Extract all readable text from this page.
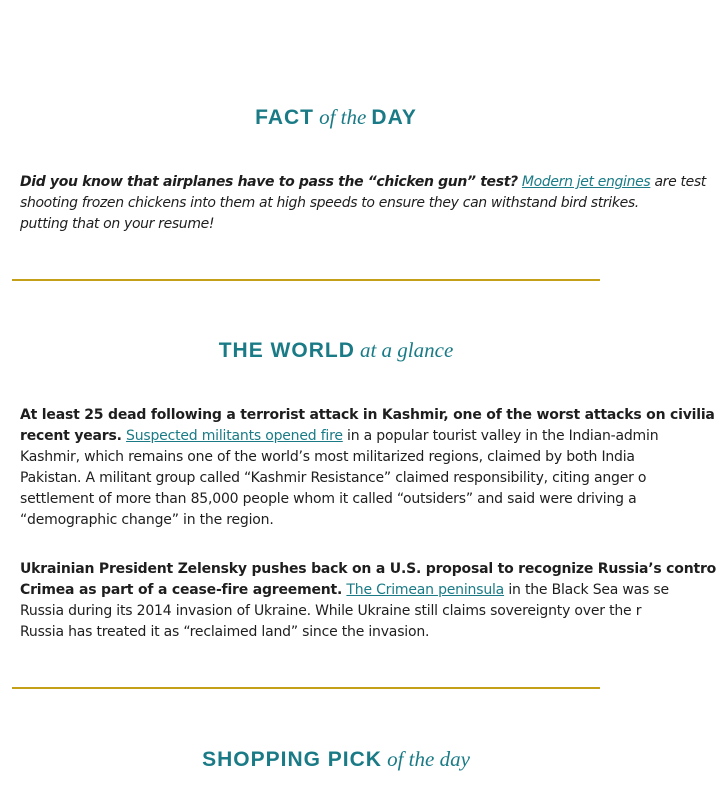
FACT of the DAY
Did you know that airplanes have to pass the “chicken gun” test? Modern jet engines are test
shooting frozen chickens into them at high speeds to ensure they can withstand bird strikes.
putting that on your resume!
THE WORLD at a glance
At least 25 dead following a terrorist attack in Kashmir, one of the worst attacks on civilia
recent years. Suspected militants opened fire in a popular tourist valley in the Indian-admin
Kashmir, which remains one of the world’s most militarized regions, claimed by both India
Pakistan. A militant group called “Kashmir Resistance” claimed responsibility, citing anger o
settlement of more than 85,000 people whom it called “outsiders” and said were driving a
“demographic change” in the region.
Ukrainian President Zelensky pushes back on a U.S. proposal to recognize Russia’s contro
Crimea as part of a cease-fire agreement. The Crimean peninsula in the Black Sea was se
Russia during its 2014 invasion of Ukraine. While Ukraine still claims sovereignty over the r
Russia has treated it as “reclaimed land” since the invasion.
SHOPPING PICK of the day
